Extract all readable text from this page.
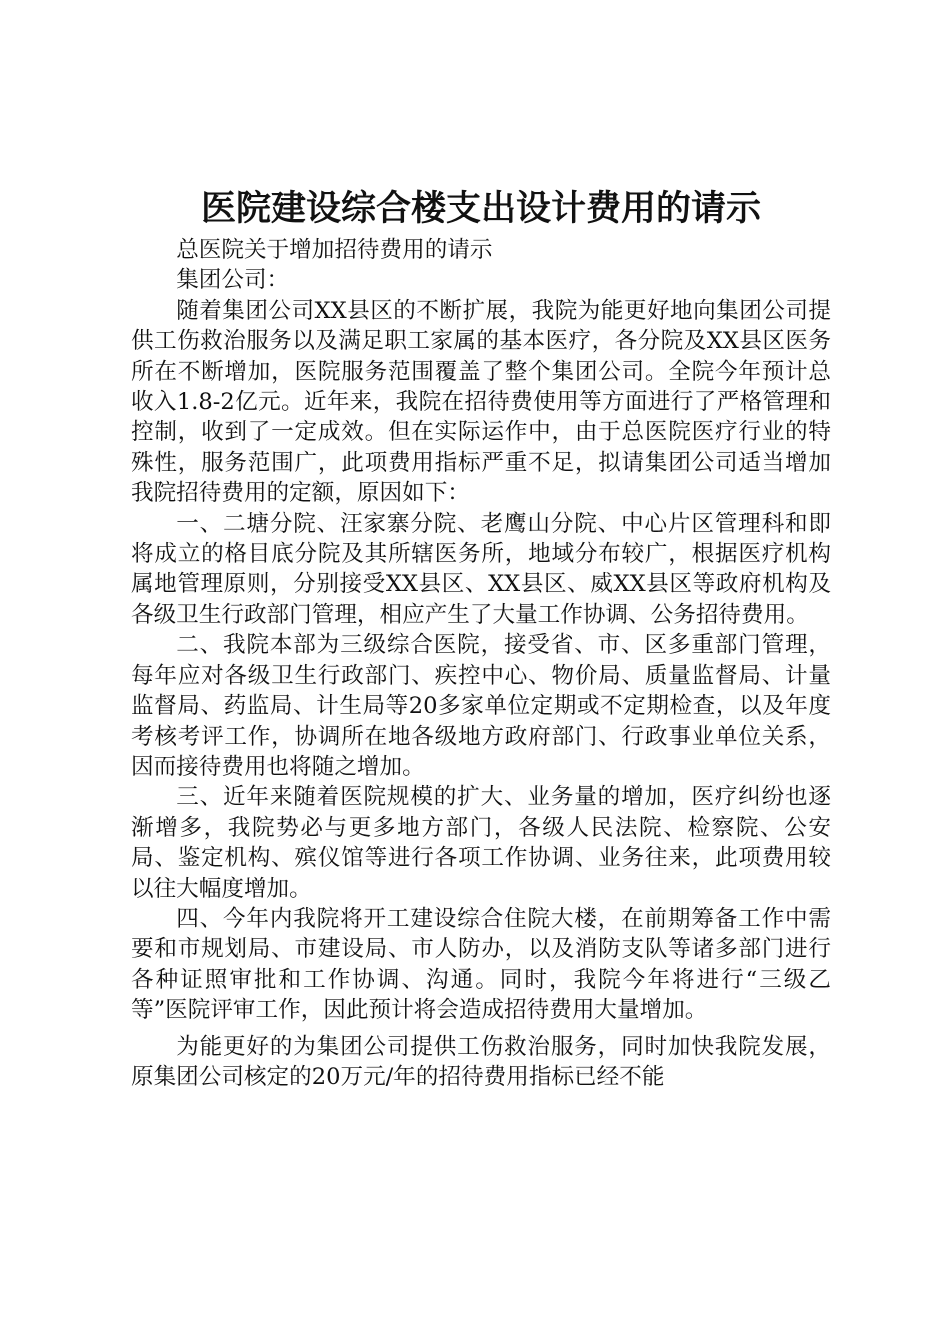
医院建设综合楼支出设计费用的请示

总医院关于增加招待费用的请示

集团公司：

随着集团公司XX县区的不断扩展，我院为能更好地向集团公司提供工伤救治服务以及满足职工家属的基本医疗，各分院及XX县区医务所在不断增加，医院服务范围覆盖了整个集团公司。全院今年预计总收入1.8-2亿元。近年来，我院在招待费使用等方面进行了严格管理和控制，收到了一定成效。但在实际运作中，由于总医院医疗行业的特殊性，服务范围广，此项费用指标严重不足，拟请集团公司适当增加我院招待费用的定额，原因如下：

一、二塘分院、汪家寨分院、老鹰山分院、中心片区管理科和即将成立的格目底分院及其所辖医务所，地域分布较广，根据医疗机构属地管理原则，分别接受XX县区、XX县区、威XX县区等政府机构及各级卫生行政部门管理，相应产生了大量工作协调、公务招待费用。

二、我院本部为三级综合医院，接受省、市、区多重部门管理，每年应对各级卫生行政部门、疾控中心、物价局、质量监督局、计量监督局、药监局、计生局等20多家单位定期或不定期检查，以及年度考核考评工作，协调所在地各级地方政府部门、行政事业单位关系，因而接待费用也将随之增加。

三、近年来随着医院规模的扩大、业务量的增加，医疗纠纷也逐渐增多，我院势必与更多地方部门，各级人民法院、检察院、公安局、鉴定机构、殡仪馆等进行各项工作协调、业务往来，此项费用较以往大幅度增加。

四、今年内我院将开工建设综合住院大楼，在前期筹备工作中需要和市规划局、市建设局、市人防办，以及消防支队等诸多部门进行各种证照审批和工作协调、沟通。同时，我院今年将进行“三级乙等”医院评审工作，因此预计将会造成招待费用大量增加。

为能更好的为集团公司提供工伤救治服务，同时加快我院发展，原集团公司核定的20万元/年的招待费用指标已经不能
